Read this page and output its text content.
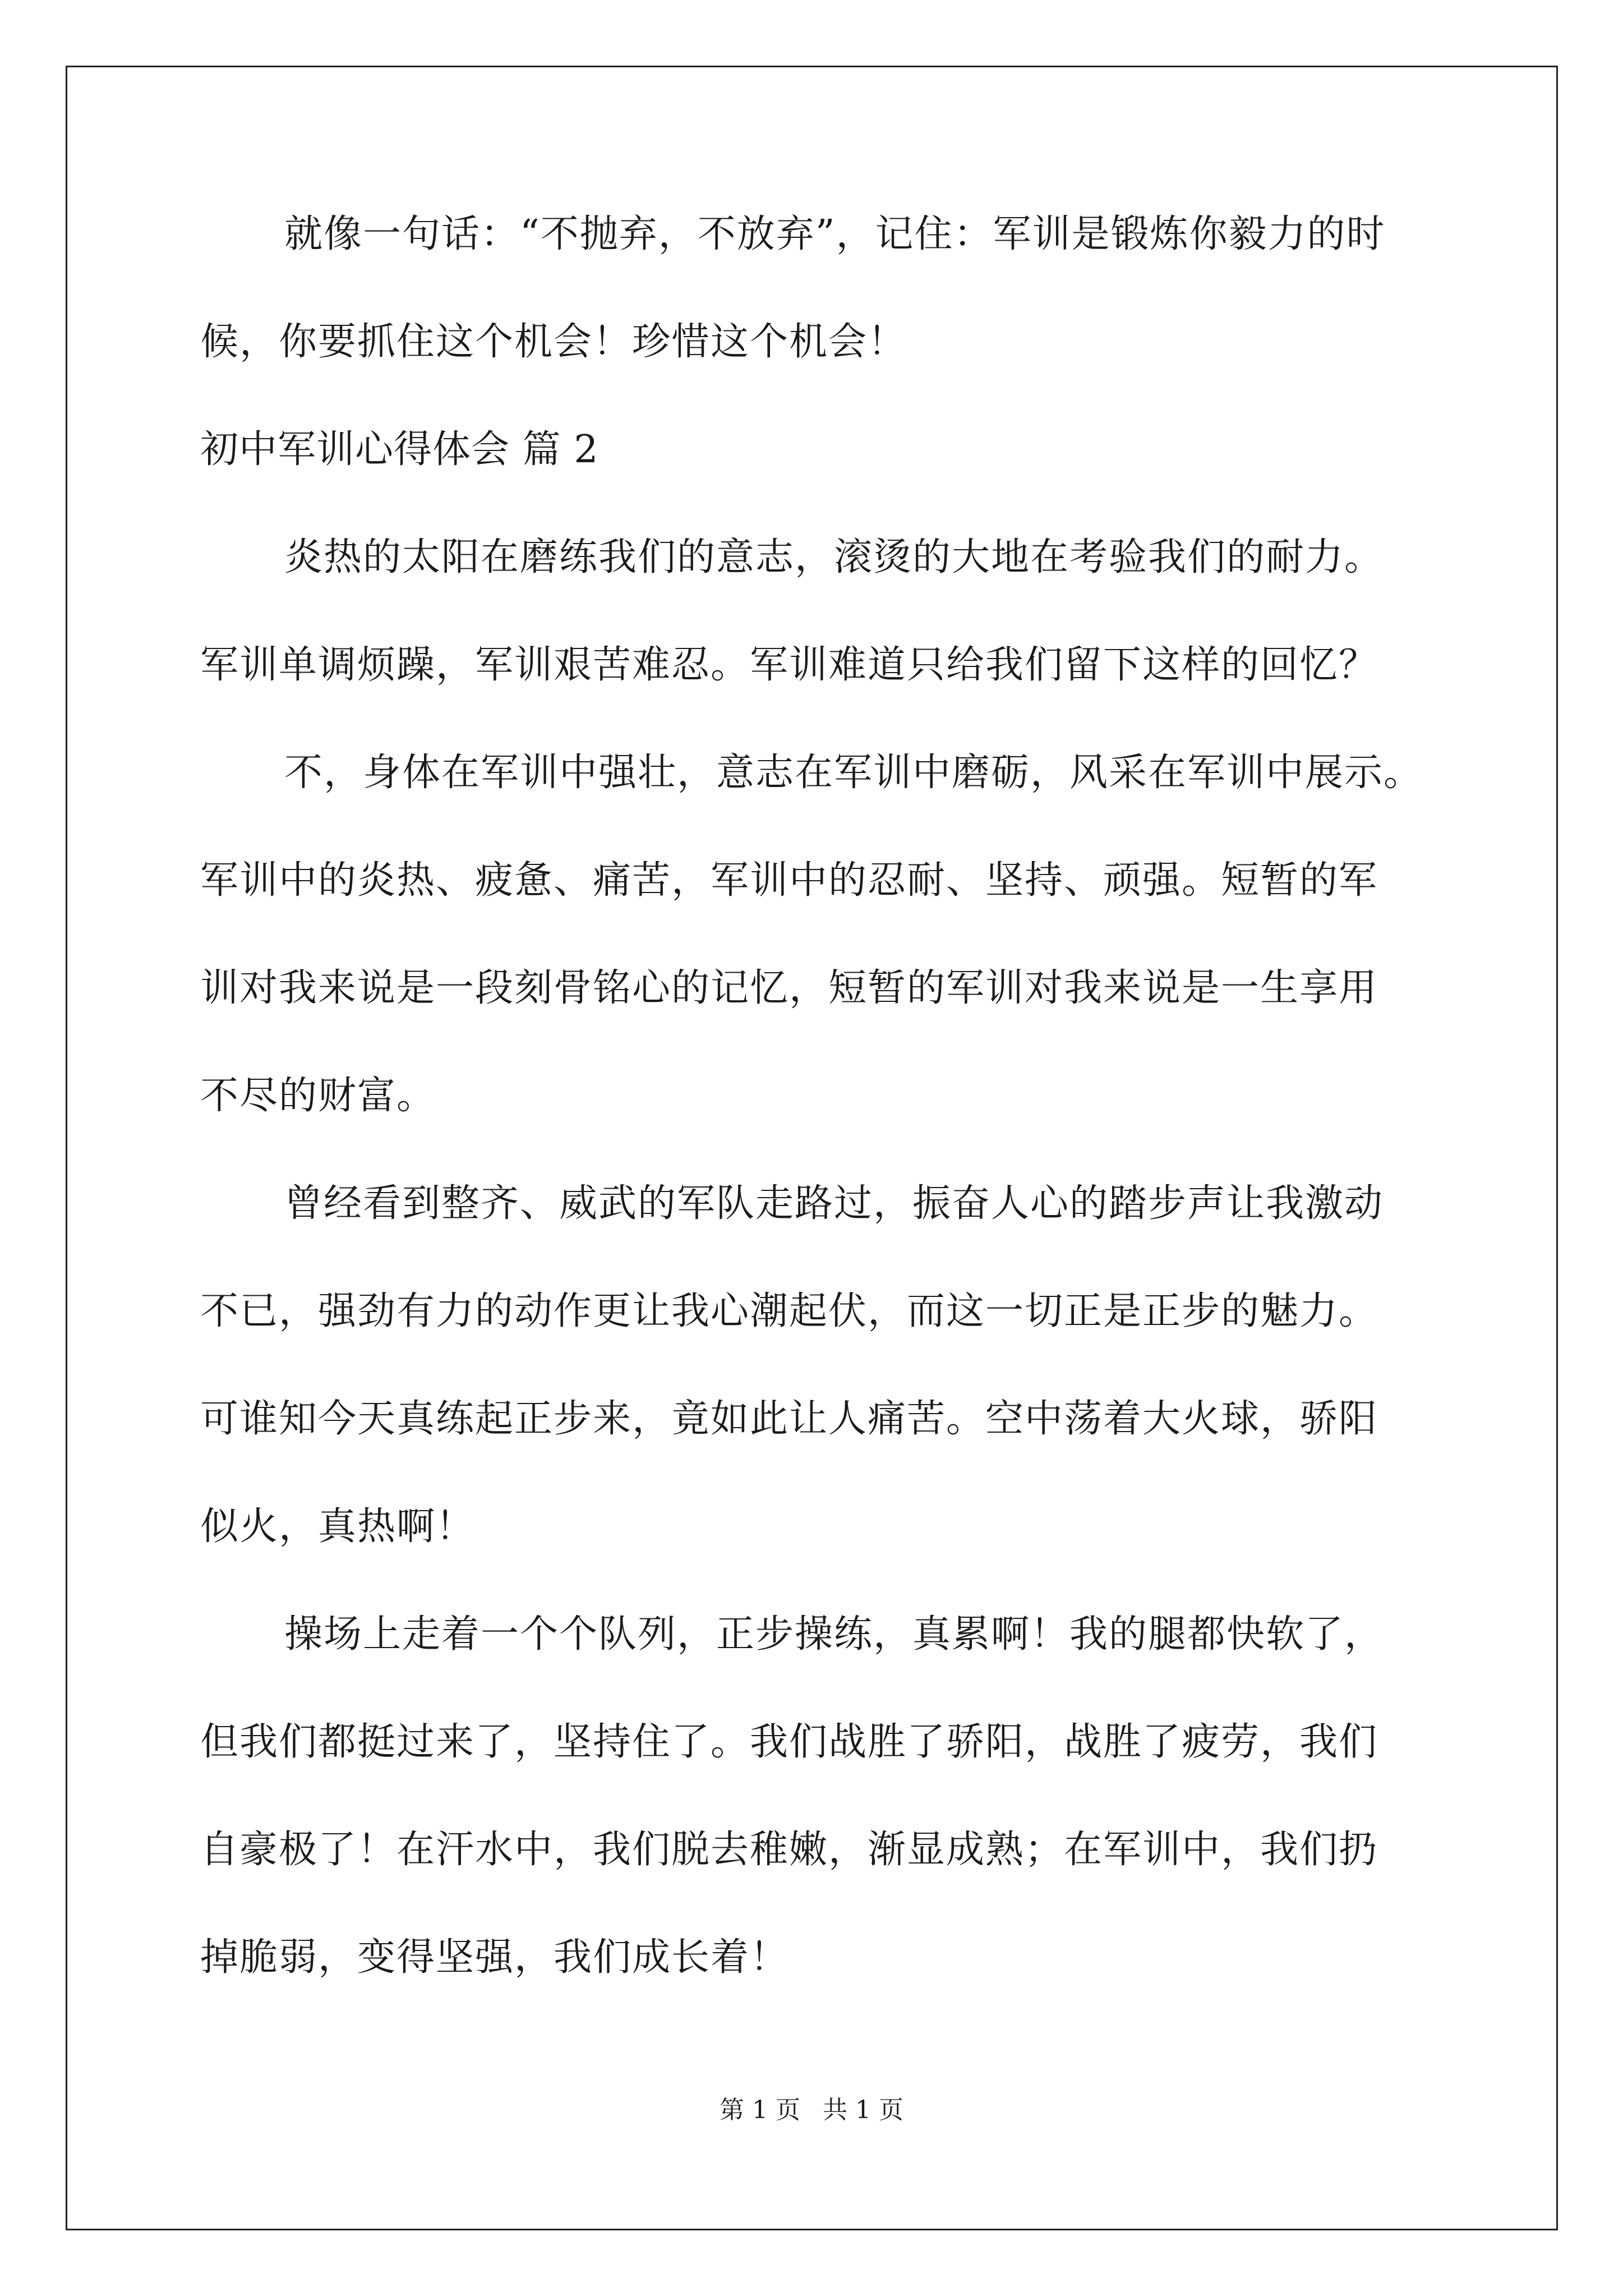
就像一句话：“不抛弃，不放弃”，记住：军训是锻炼你毅力的时
候，你要抓住这个机会！珍惜这个机会！
初中军训心得体会 篇 2
炎热的太阳在磨练我们的意志，滚烫的大地在考验我们的耐力。
军训单调烦躁，军训艰苦难忍。军训难道只给我们留下这样的回忆？
不，身体在军训中强壮，意志在军训中磨砺，风采在军训中展示。
军训中的炎热、疲惫、痛苦，军训中的忍耐、坚持、顽强。短暂的军
训对我来说是一段刻骨铭心的记忆，短暂的军训对我来说是一生享用
不尽的财富。
曾经看到整齐、威武的军队走路过，振奋人心的踏步声让我激动
不已，强劲有力的动作更让我心潮起伏，而这一切正是正步的魅力。
可谁知今天真练起正步来，竟如此让人痛苦。空中荡着大火球，骄阳
似火，真热啊！
操场上走着一个个队列，正步操练，真累啊！我的腿都快软了，
但我们都挺过来了，坚持住了。我们战胜了骄阳，战胜了疲劳，我们
自豪极了！在汗水中，我们脱去稚嫩，渐显成熟；在军训中，我们扔
掉脆弱，变得坚强，我们成长着！
第 1 页 共 1 页
